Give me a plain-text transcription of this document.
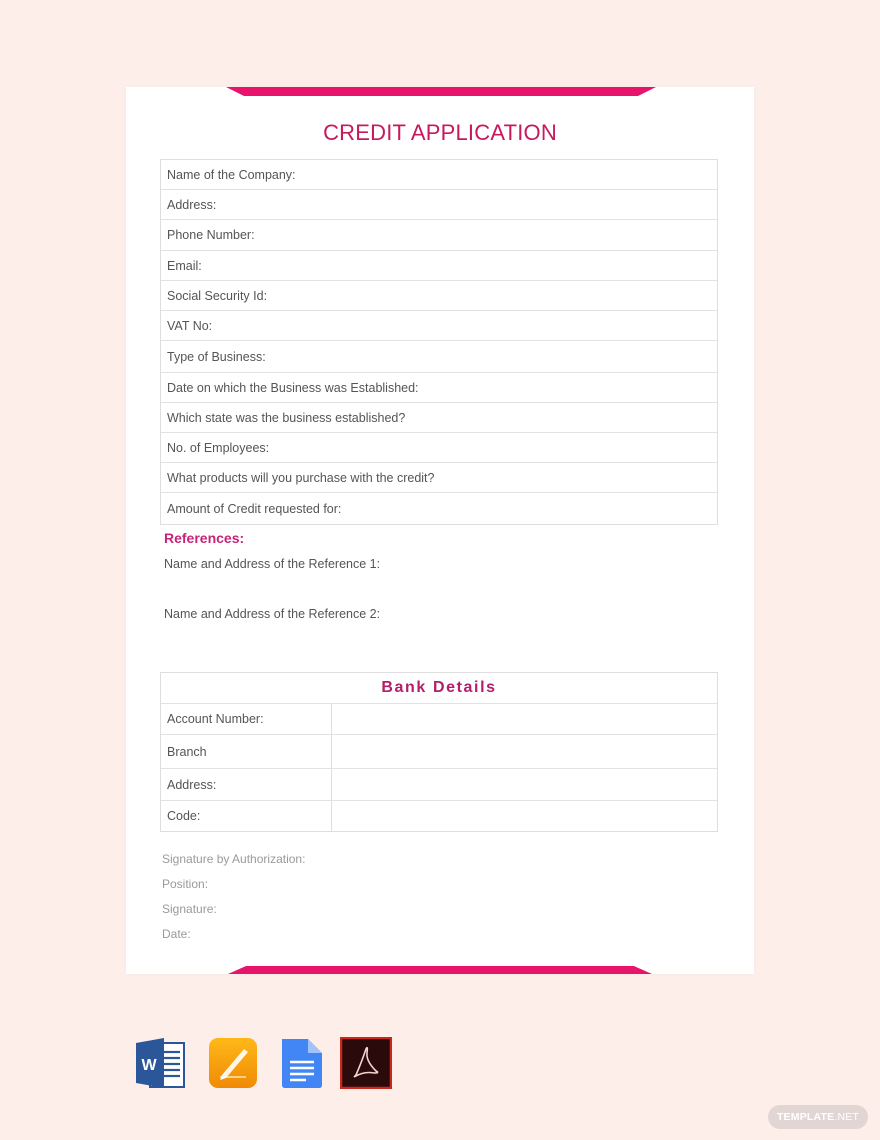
CREDIT APPLICATION
Name of the Company:
Address:
Phone Number:
Email:
Social Security Id:
VAT No:
Type of Business:
Date on which the Business was Established:
Which state was the business established?
No. of Employees:
What products will you purchase with the credit?
Amount of Credit requested for:
References:
Name and Address of the Reference 1:
Name and Address of the Reference 2:
Bank Details
Account Number:
Branch
Address:
Code:
Signature by Authorization:
Position:
Signature:
Date:
W
TEMPLATE .NET
